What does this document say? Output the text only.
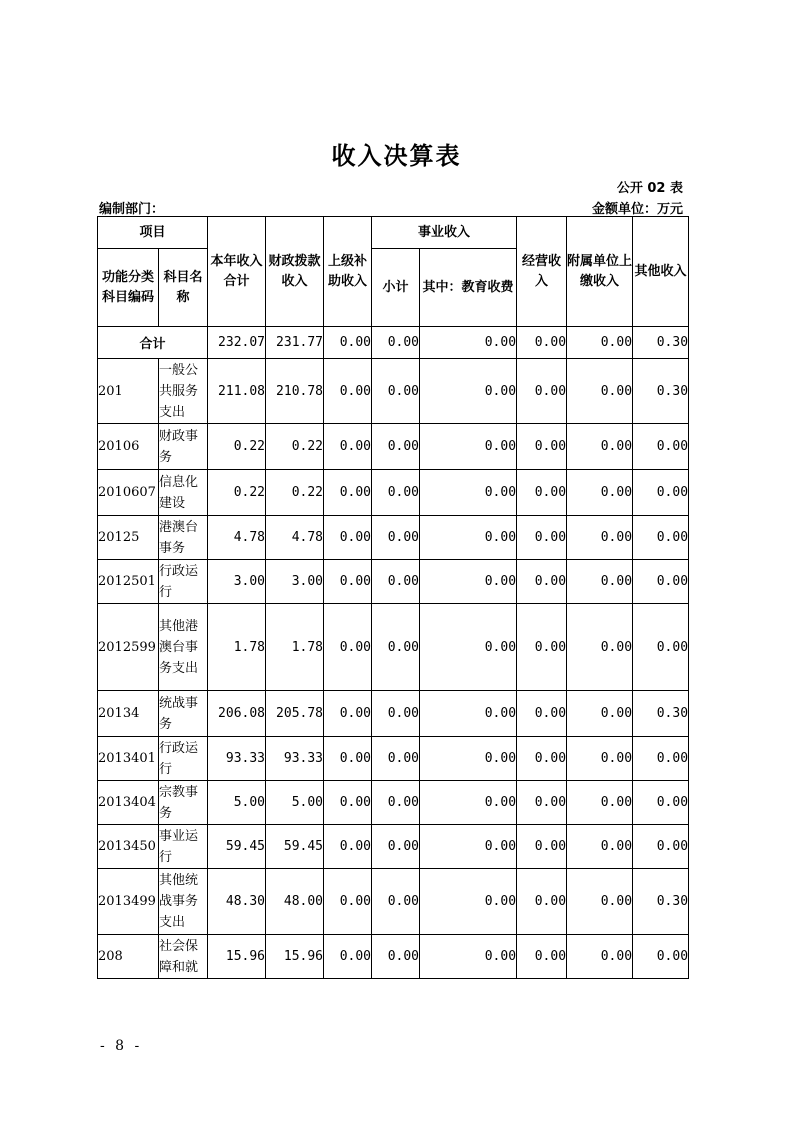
收入决算表
公开 02 表
编制部门：	金额单位：万元
项目		本年收入合计	财政拨款收入	上级补助收入	事业收入		经营收入	附属单位上缴收入	其他收入
功能分类科目编码	科目名称				小计	其中：教育收费			
合计		232.07	231.77	0.00	0.00	0.00	0.00	0.00	0.30
201	一般公共服务支出	211.08	210.78	0.00	0.00	0.00	0.00	0.00	0.30
20106	财政事务	0.22	0.22	0.00	0.00	0.00	0.00	0.00	0.00
2010607	信息化建设	0.22	0.22	0.00	0.00	0.00	0.00	0.00	0.00
20125	港澳台事务	4.78	4.78	0.00	0.00	0.00	0.00	0.00	0.00
2012501	行政运行	3.00	3.00	0.00	0.00	0.00	0.00	0.00	0.00
2012599	其他港澳台事务支出	1.78	1.78	0.00	0.00	0.00	0.00	0.00	0.00
20134	统战事务	206.08	205.78	0.00	0.00	0.00	0.00	0.00	0.30
2013401	行政运行	93.33	93.33	0.00	0.00	0.00	0.00	0.00	0.00
2013404	宗教事务	5.00	5.00	0.00	0.00	0.00	0.00	0.00	0.00
2013450	事业运行	59.45	59.45	0.00	0.00	0.00	0.00	0.00	0.00
2013499	其他统战事务支出	48.30	48.00	0.00	0.00	0.00	0.00	0.00	0.30
208	社会保障和就	15.96	15.96	0.00	0.00	0.00	0.00	0.00	0.00
- 8 -
